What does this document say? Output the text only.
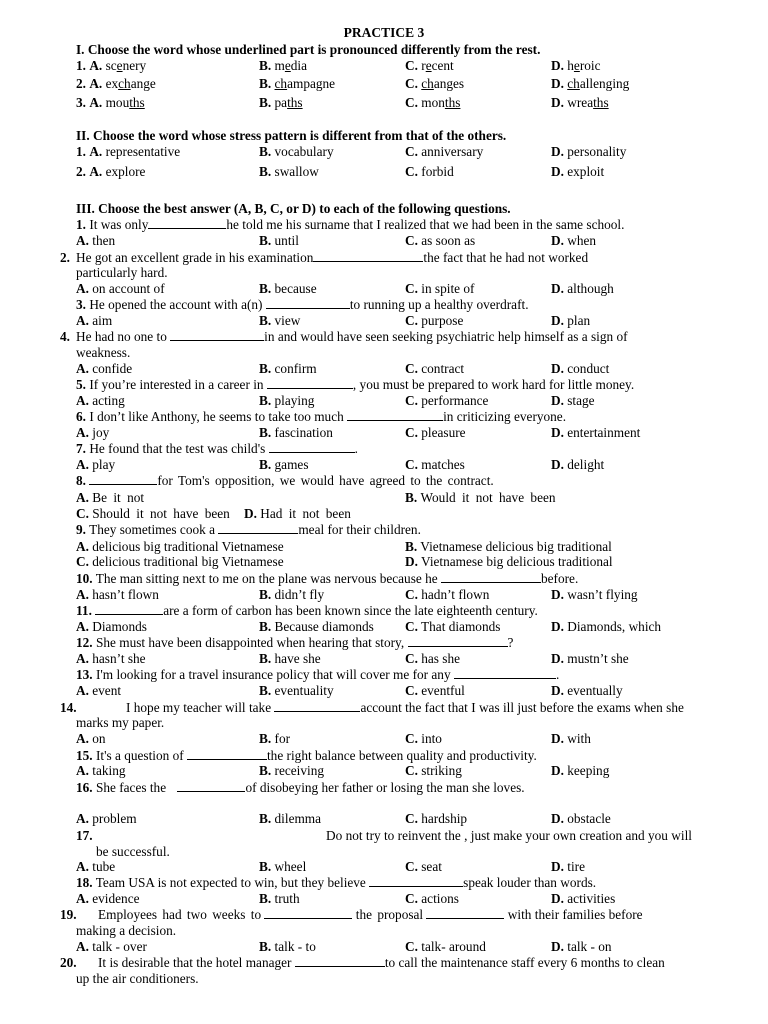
PRACTICE 3
I. Choose the word whose underlined part is pronounced differently from the rest.
1. A. scenery	B. media	C. recent	D. heroic
2. A. exchange	B. champagne	C. changes	D. challenging
3. A. mouths	B. paths	C. months	D. wreaths
II. Choose the word whose stress pattern is different from that of the others.
1. A. representative	B. vocabulary	C. anniversary	D. personality
2. A. explore	B. swallow	C. forbid	D. exploit
III. Choose the best answer (A, B, C, or D) to each of the following questions.
1. It was only	he told me his surname that I realized that we had been in the same school.
A. then	B. until	C. as soon as	D. when
2. He got an excellent grade in his examination	the fact that he had not worked
particularly hard.
A. on account of	B. because	C. in spite of	D. although
3. He opened the account with a(n)	to running up a healthy overdraft.
A. aim	B. view	C. purpose	D. plan
4. He had no one to	in and would have seen seeking psychiatric help himself as a sign of
weakness.
A. confide	B. confirm	C. contract	D. conduct
5. If you’re interested in a career in	, you must be prepared to work hard for little money.
A. acting	B. playing	C. performance	D. stage
6. I don’t like Anthony, he seems to take too much	in criticizing everyone.
A. joy	B. fascination	C. pleasure	D. entertainment
7. He found that the test was child's	.
A. play	B. games	C. matches	D. delight
8.	for Tom's opposition, we would have agreed to the contract.
A. Be it not	B. Would it not have been
C. Should it not have been D. Had it not been
9. They sometimes cook a	meal for their children.
A. delicious big traditional Vietnamese	B. Vietnamese delicious big traditional
C. delicious traditional big Vietnamese	D. Vietnamese big delicious traditional
10. The man sitting next to me on the plane was nervous because he	before.
A. hasn’t flown	B. didn’t fly	C. hadn’t flown	D. wasn’t flying
11.	are a form of carbon has been known since the late eighteenth century.
A. Diamonds	B. Because diamonds C. That diamonds	D. Diamonds, which
12. She must have been disappointed when hearing that story,	?
A. hasn’t she	B. have she	C. has she	D. mustn’t she
13. I'm looking for a travel insurance policy that will cover me for any	.
A. event	B. eventuality	C. eventful	D. eventually
14.	I hope my teacher will take	account the fact that I was ill just before the exams when she
marks my paper.
A. on	B. for	C. into	D. with
15. It's a question of	the right balance between quality and productivity.
A. taking	B. receiving	C. striking	D. keeping
16. She faces the	of disobeying her father or losing the man she loves.
A. problem	B. dilemma	C. hardship	D. obstacle
17.	Do not try to reinvent the , just make your own creation and you will
be successful.
A. tube	B. wheel	C. seat	D. tire
18. Team USA is not expected to win, but they believe	speak louder than words.
A. evidence	B. truth	C. actions	D. activities
19. Employees had two weeks to	the proposal	with their families before
making a decision.
A. talk - over	B. talk - to	C. talk- around	D. talk - on
20. It is desirable that the hotel manager	to call the maintenance staff every 6 months to clean
up the air conditioners.
